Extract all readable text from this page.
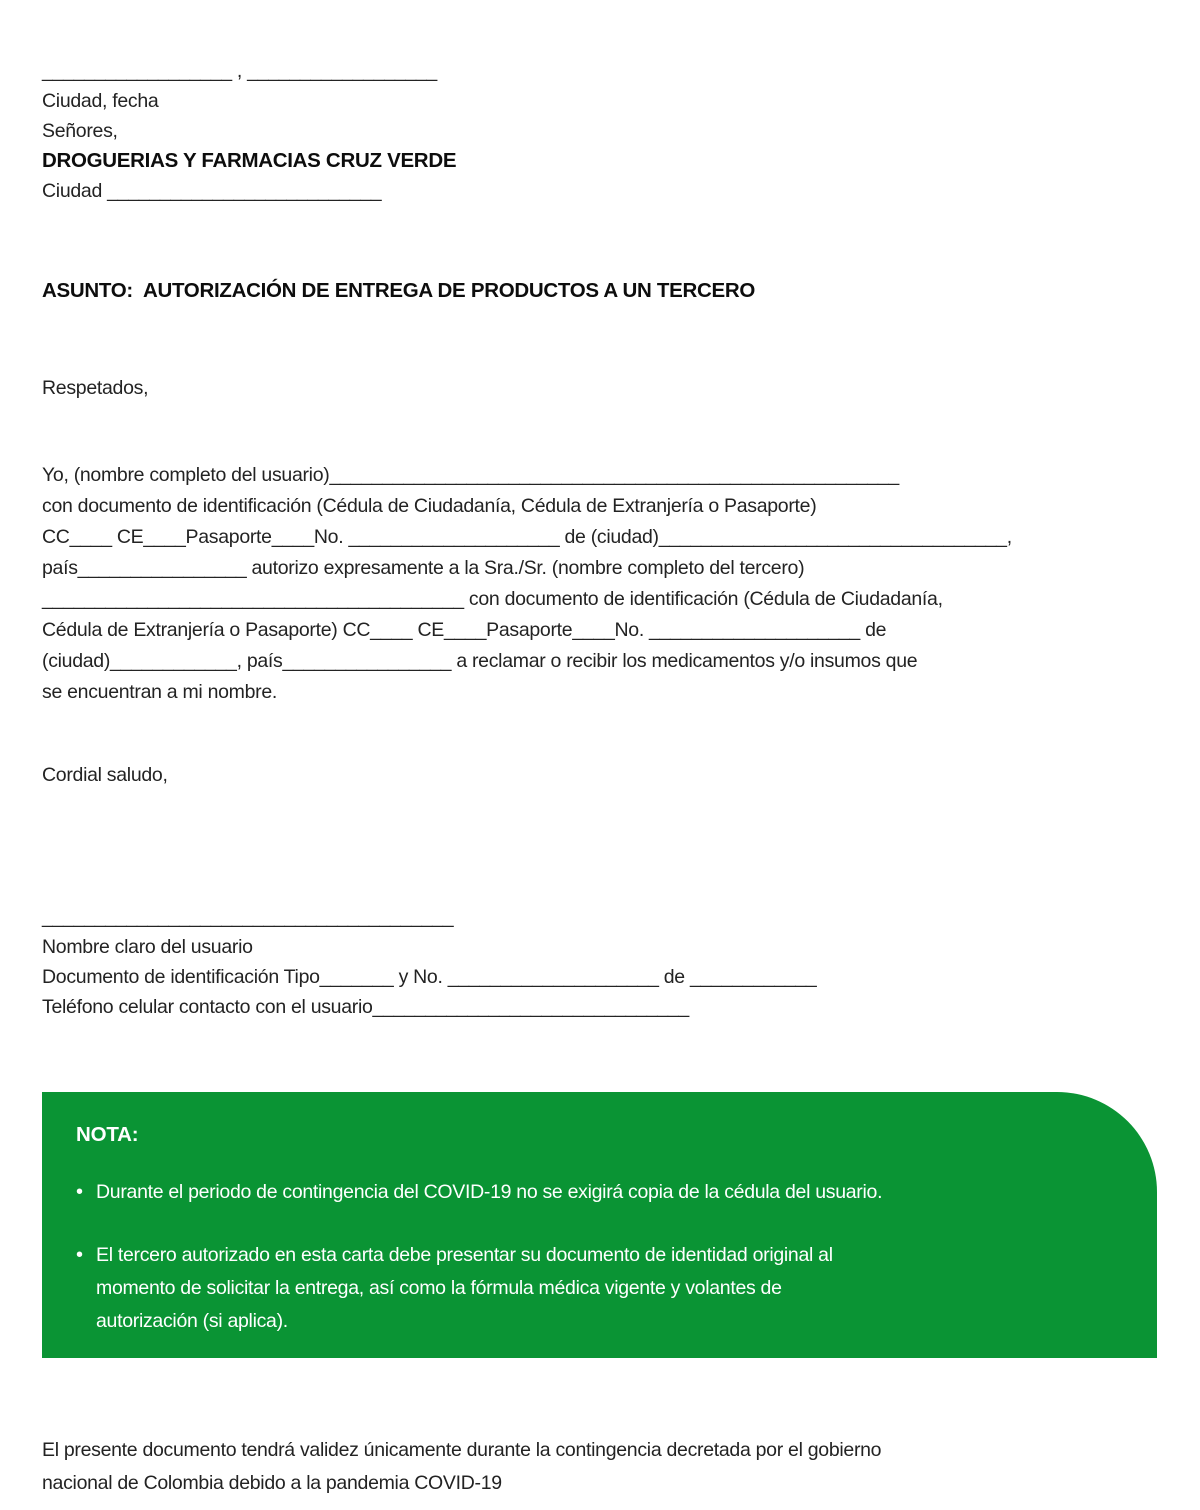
__________________ , __________________
Ciudad, fecha
Señores,
DROGUERIAS Y FARMACIAS CRUZ VERDE
Ciudad __________________________
ASUNTO:  AUTORIZACIÓN DE ENTREGA DE PRODUCTOS A UN TERCERO
Respetados,
Yo, (nombre completo del usuario)______________________________________________________
con documento de identificación (Cédula de Ciudadanía, Cédula de Extranjería o Pasaporte)
CC____ CE____Pasaporte____No. ____________________ de (ciudad)_________________________________,
país________________ autorizo expresamente a la Sra./Sr. (nombre completo del tercero)
________________________________________ con documento de identificación (Cédula de Ciudadanía,
Cédula de Extranjería o Pasaporte) CC____ CE____Pasaporte____No. ____________________ de
(ciudad)____________, país________________ a reclamar o recibir los medicamentos y/o insumos que
se encuentran a mi nombre.
Cordial saludo,
_______________________________________
Nombre claro del usuario
Documento de identificación Tipo_______ y No. ____________________ de ____________
Teléfono celular contacto con el usuario______________________________
NOTA:
• Durante el periodo de contingencia del COVID-19 no se exigirá copia de la cédula del usuario.
• El tercero autorizado en esta carta debe presentar su documento de identidad original al
momento de solicitar la entrega, así como la fórmula médica vigente y volantes de
autorización (si aplica).
El presente documento tendrá validez únicamente durante la contingencia decretada por el gobierno
nacional de Colombia debido a la pandemia COVID-19
